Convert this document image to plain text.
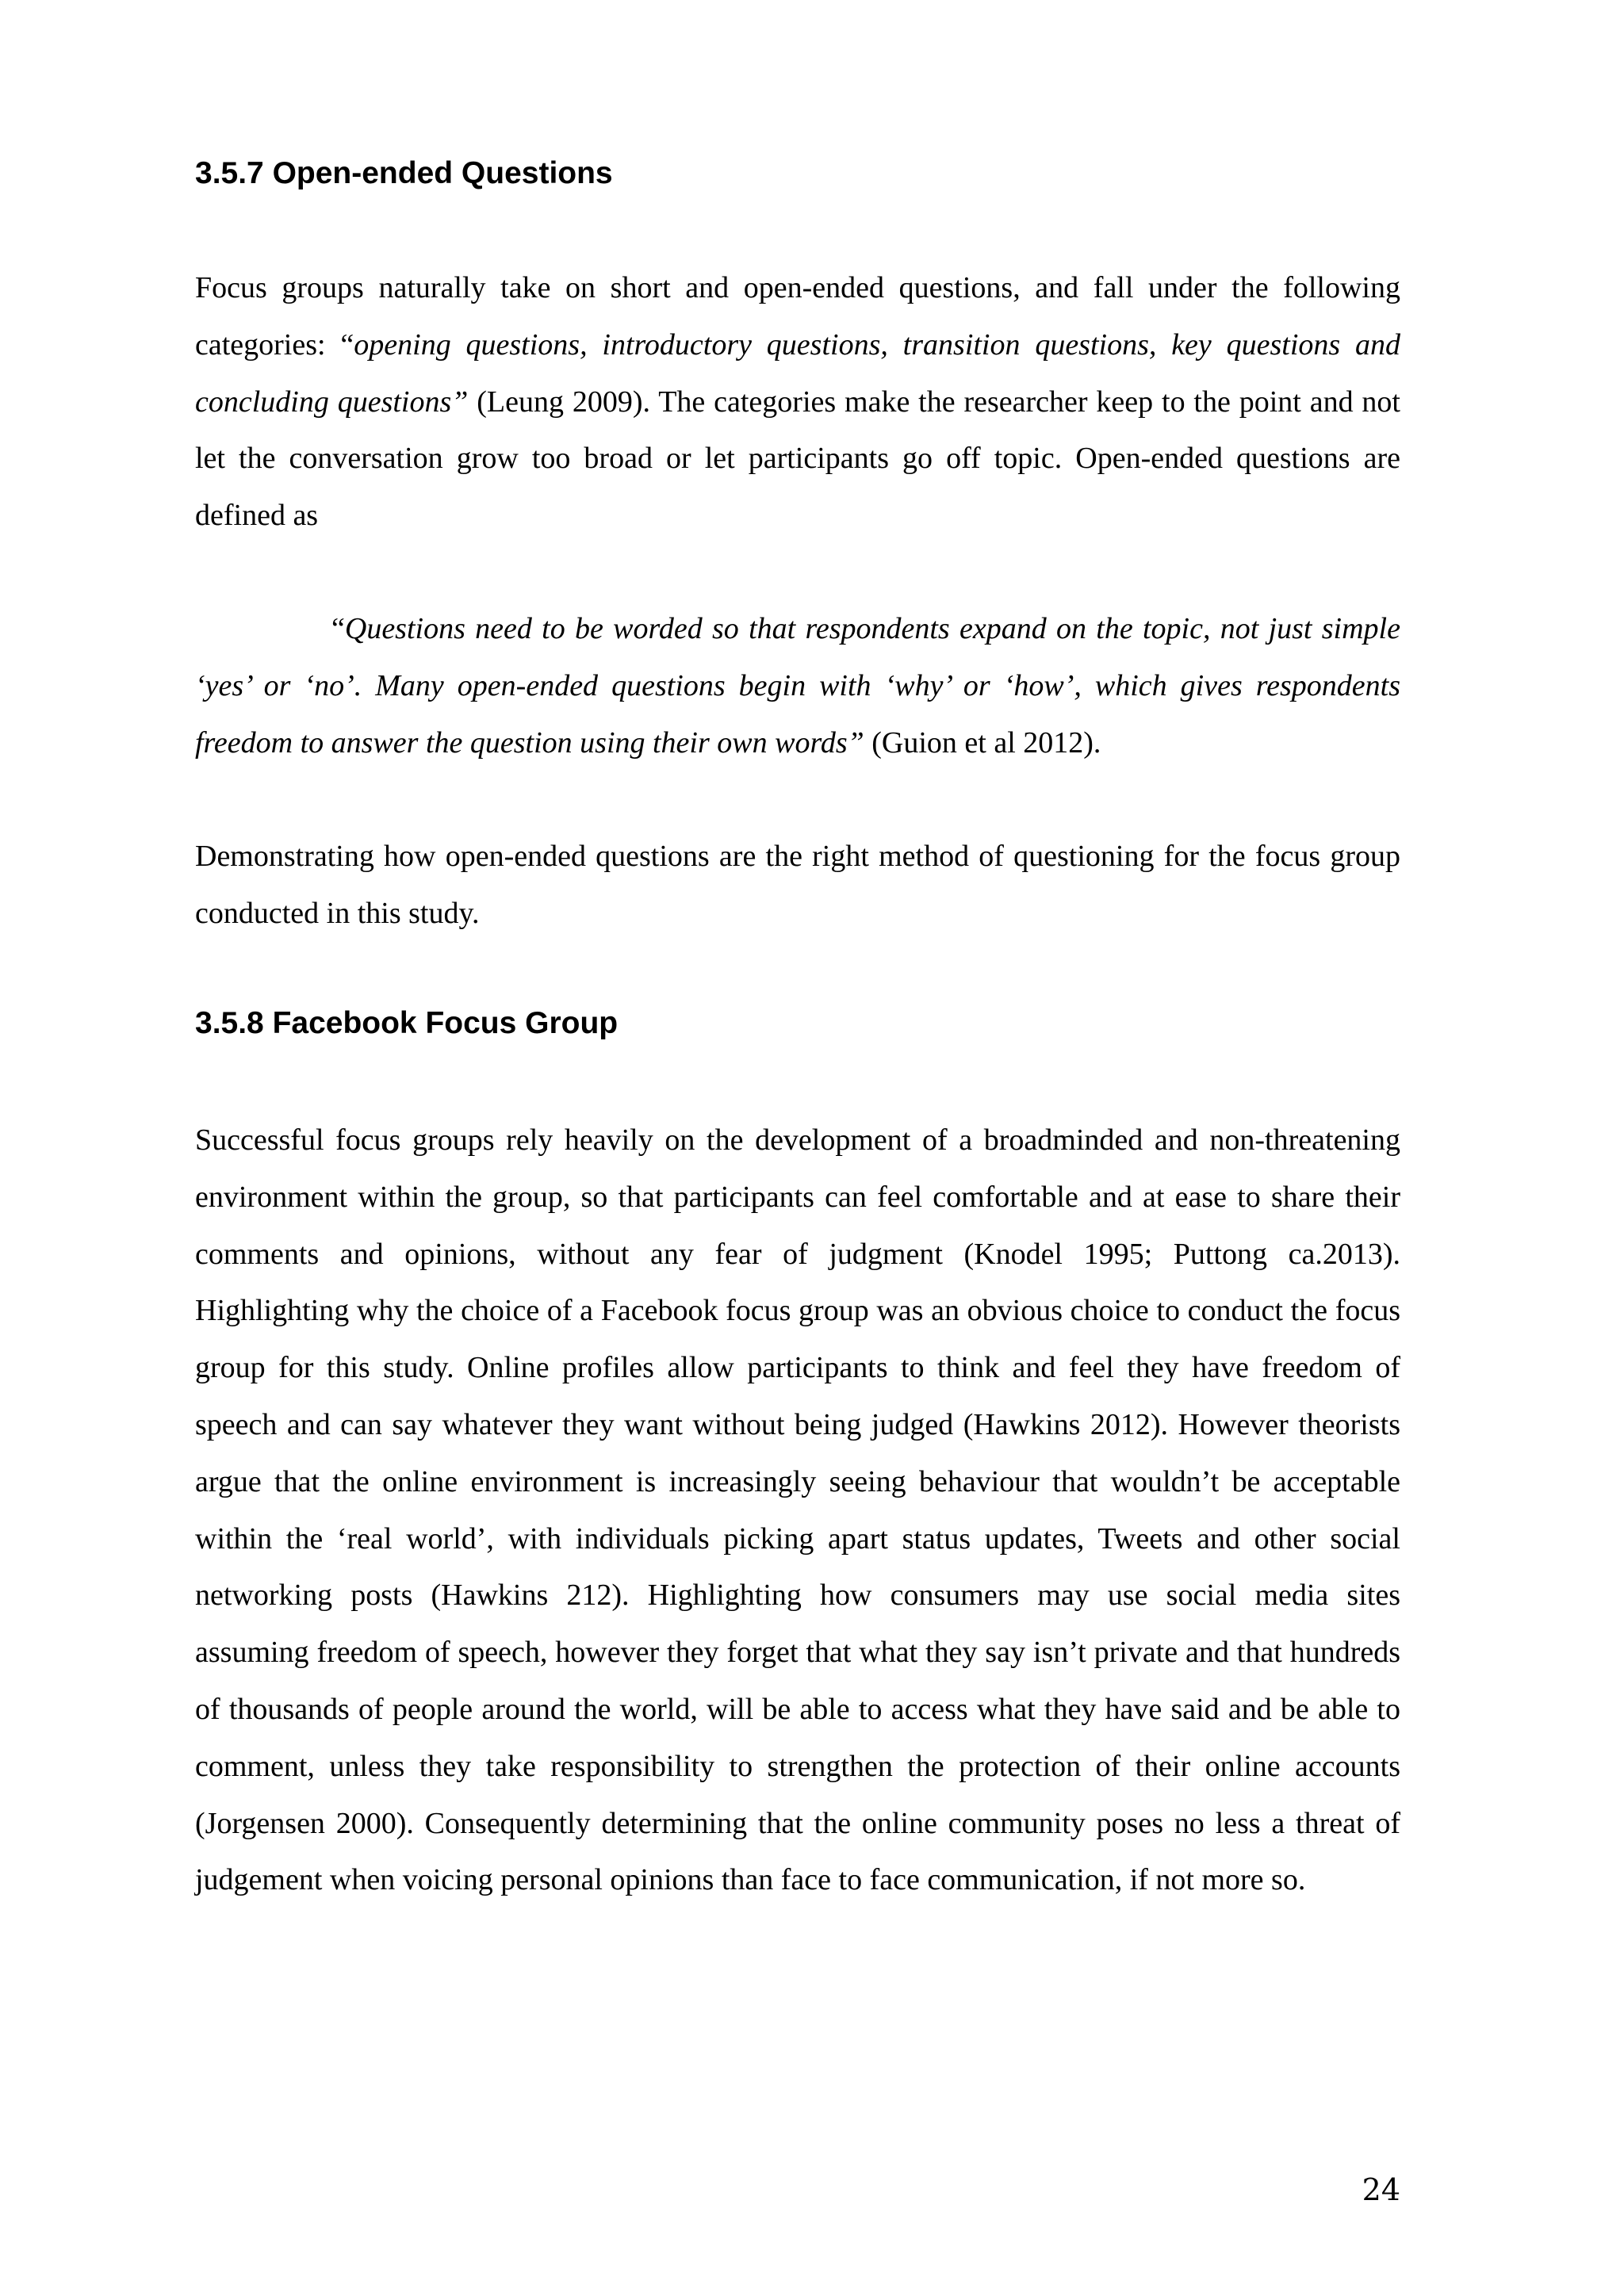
3.5.7 Open-ended Questions

Focus groups naturally take on short and open-ended questions, and fall under the following categories: “opening questions, introductory questions, transition questions, key questions and concluding questions” (Leung 2009). The categories make the researcher keep to the point and not let the conversation grow too broad or let participants go off topic. Open-ended questions are defined as

“Questions need to be worded so that respondents expand on the topic, not just simple ‘yes’ or ‘no’. Many open-ended questions begin with ‘why’ or ‘how’, which gives respondents freedom to answer the question using their own words” (Guion et al 2012).

Demonstrating how open-ended questions are the right method of questioning for the focus group conducted in this study.

3.5.8 Facebook Focus Group

Successful focus groups rely heavily on the development of a broadminded and non-threatening environment within the group, so that participants can feel comfortable and at ease to share their comments and opinions, without any fear of judgment (Knodel 1995; Puttong ca.2013). Highlighting why the choice of a Facebook focus group was an obvious choice to conduct the focus group for this study. Online profiles allow participants to think and feel they have freedom of speech and can say whatever they want without being judged (Hawkins 2012). However theorists argue that the online environment is increasingly seeing behaviour that wouldn’t be acceptable within the ‘real world’, with individuals picking apart status updates, Tweets and other social networking posts (Hawkins 212). Highlighting how consumers may use social media sites assuming freedom of speech, however they forget that what they say isn’t private and that hundreds of thousands of people around the world, will be able to access what they have said and be able to comment, unless they take responsibility to strengthen the protection of their online accounts (Jorgensen 2000). Consequently determining that the online community poses no less a threat of judgement when voicing personal opinions than face to face communication, if not more so.

24
